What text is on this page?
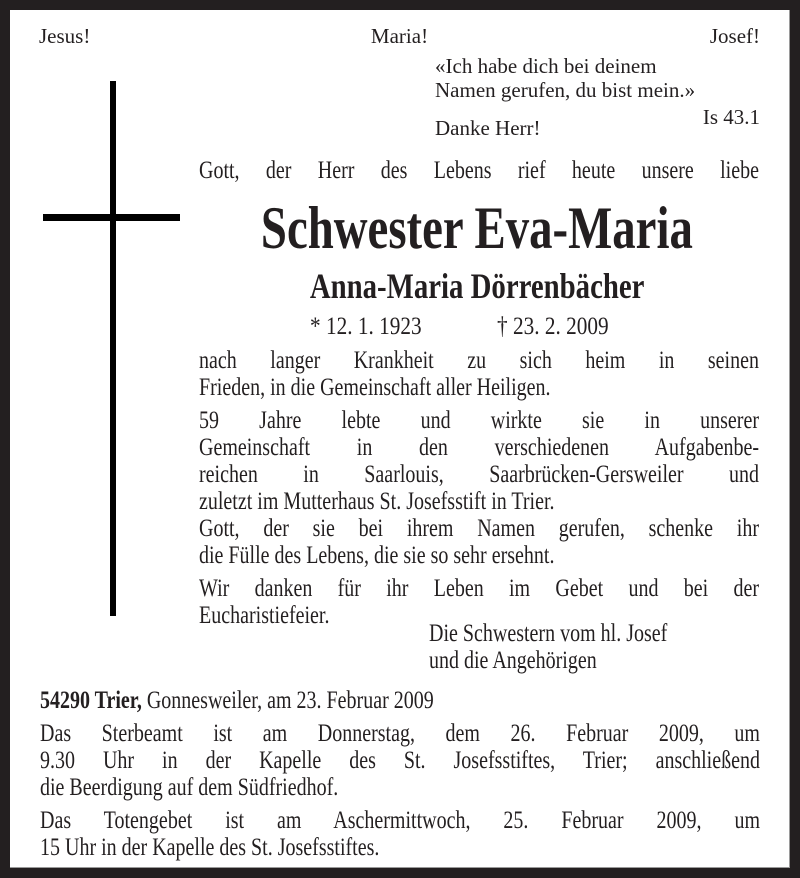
Jesus!	Maria!	Josef!
«Ich habe dich bei deinem
Namen gerufen, du bist mein.»
Is 43.1
Danke Herr!
Gott, der Herr des Lebens rief heute unsere liebe
Schwester Eva-Maria
Anna-Maria Dörrenbächer
* 12. 1. 1923	† 23. 2. 2009
nach langer Krankheit zu sich heim in seinen
Frieden, in die Gemeinschaft aller Heiligen.
59 Jahre lebte und wirkte sie in unserer
Gemeinschaft in den verschiedenen Aufgabenbe-
reichen in Saarlouis, Saarbrücken-Gersweiler und
zuletzt im Mutterhaus St. Josefsstift in Trier.
Gott, der sie bei ihrem Namen gerufen, schenke ihr
die Fülle des Lebens, die sie so sehr ersehnt.
Wir danken für ihr Leben im Gebet und bei der
Eucharistiefeier.
Die Schwestern vom hl. Josef
und die Angehörigen
54290 Trier, Gonnesweiler, am 23. Februar 2009
Das Sterbeamt ist am Donnerstag, dem 26. Februar 2009, um
9.30 Uhr in der Kapelle des St. Josefsstiftes, Trier; anschließend
die Beerdigung auf dem Südfriedhof.
Das Totengebet ist am Aschermittwoch, 25. Februar 2009, um
15 Uhr in der Kapelle des St. Josefsstiftes.
